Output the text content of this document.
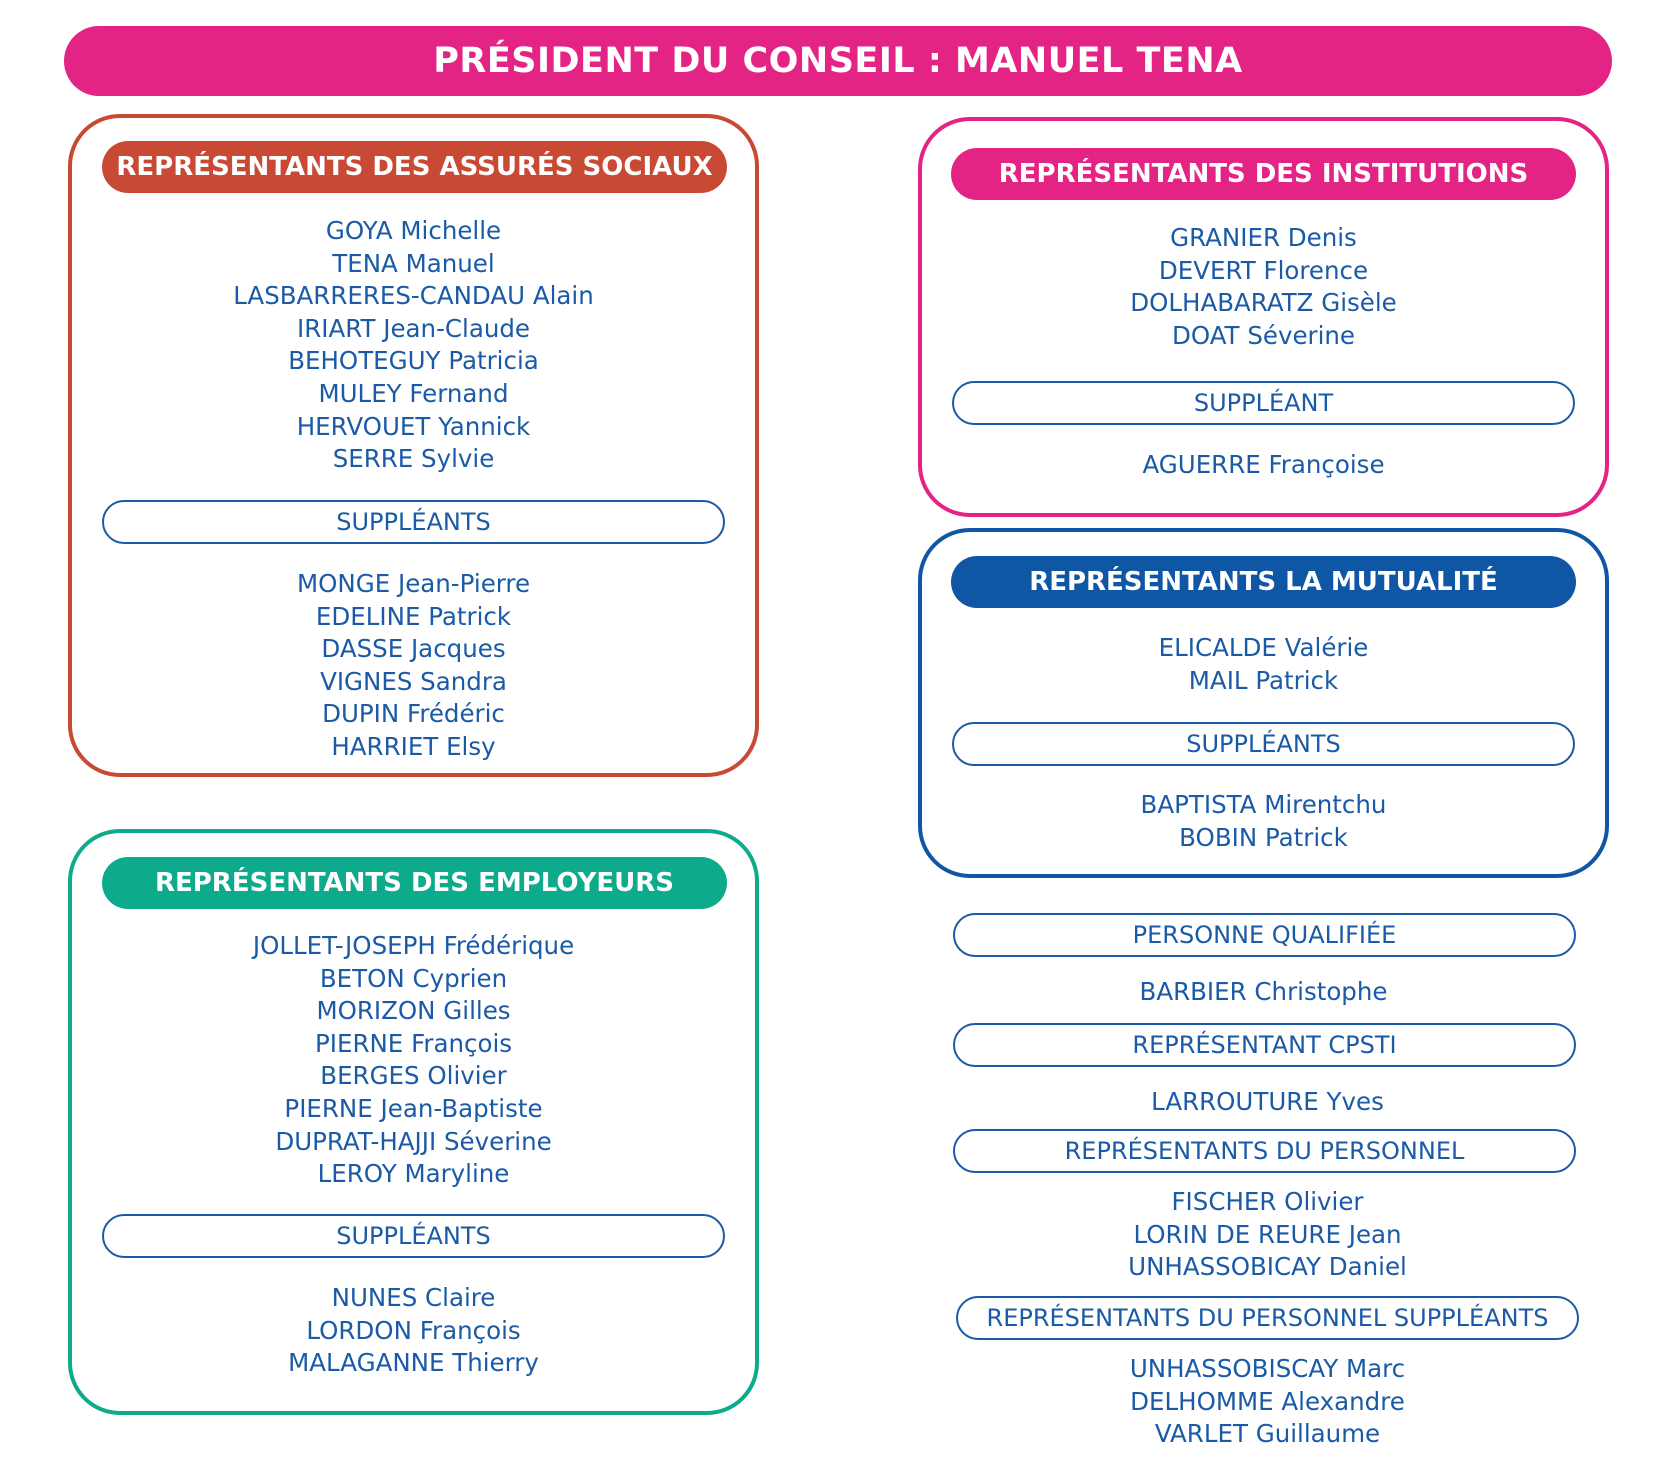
PRÉSIDENT DU CONSEIL : MANUEL TENA
REPRÉSENTANTS DES ASSURÉS SOCIAUX
GOYA Michelle
TENA Manuel
LASBARRERES-CANDAU Alain
IRIART Jean-Claude
BEHOTEGUY Patricia
MULEY Fernand
HERVOUET Yannick
SERRE Sylvie
SUPPLÉANTS
MONGE Jean-Pierre
EDELINE Patrick
DASSE Jacques
VIGNES Sandra
DUPIN Frédéric
HARRIET Elsy
REPRÉSENTANTS DES EMPLOYEURS
JOLLET-JOSEPH Frédérique
BETON Cyprien
MORIZON Gilles
PIERNE François
BERGES Olivier
PIERNE Jean-Baptiste
DUPRAT-HAJJI Séverine
LEROY Maryline
SUPPLÉANTS
NUNES Claire
LORDON François
MALAGANNE Thierry
REPRÉSENTANTS DES INSTITUTIONS
GRANIER Denis
DEVERT Florence
DOLHABARATZ Gisèle
DOAT Séverine
SUPPLÉANT
AGUERRE Françoise
REPRÉSENTANTS LA MUTUALITÉ
ELICALDE Valérie
MAIL Patrick
SUPPLÉANTS
BAPTISTA Mirentchu
BOBIN Patrick
PERSONNE QUALIFIÉE
BARBIER Christophe
REPRÉSENTANT CPSTI
LARROUTURE Yves
REPRÉSENTANTS DU PERSONNEL
FISCHER Olivier
LORIN DE REURE Jean
UNHASSOBICAY Daniel
REPRÉSENTANTS DU PERSONNEL SUPPLÉANTS
UNHASSOBISCAY Marc
DELHOMME Alexandre
VARLET Guillaume
